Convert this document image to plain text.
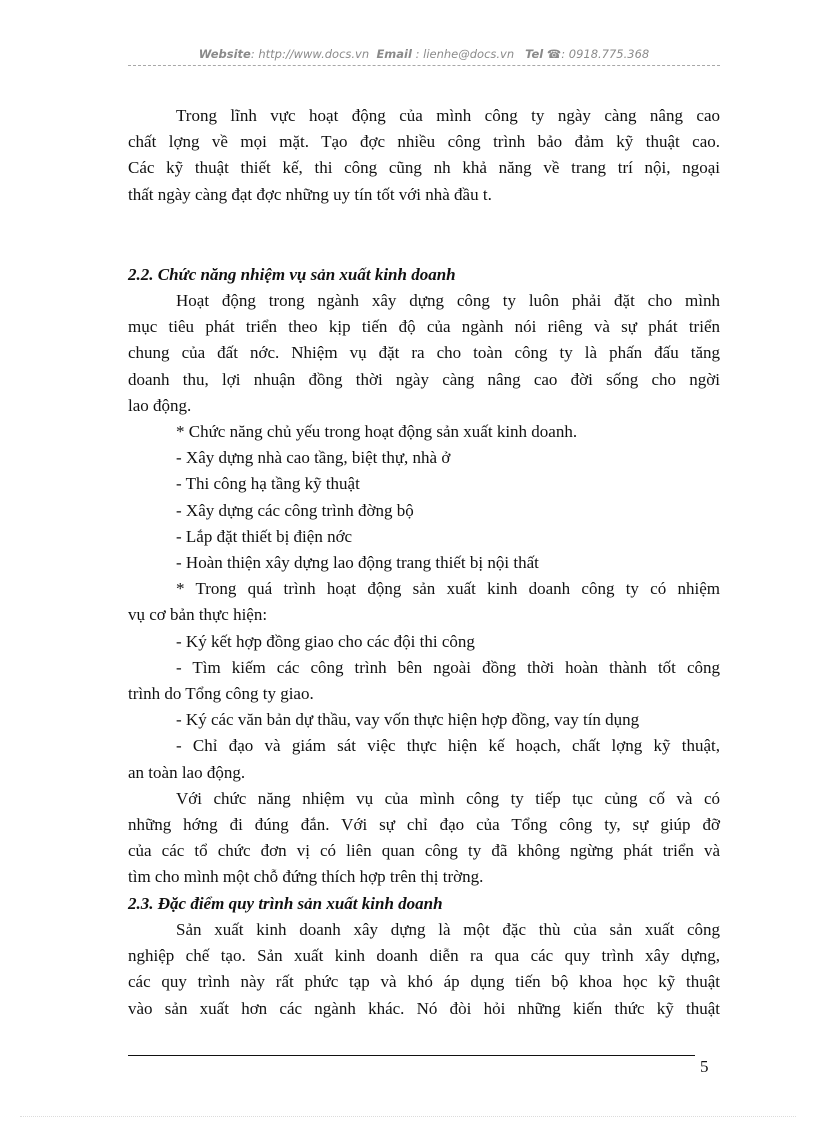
Website: http://www.docs.vn Email : lienhe@docs.vn Tel ☎: 0918.775.368
Trong lĩnh vực hoạt động của mình công ty ngày càng nâng cao
chất lợng về mọi mặt. Tạo đợc nhiều công trình bảo đảm kỹ thuật cao.
Các kỹ thuật thiết kế, thi công cũng nh khả năng về trang trí nội, ngoại
thất ngày càng đạt đợc những uy tín tốt với nhà đầu t.

2.2. Chức năng nhiệm vụ sản xuất kinh doanh

Hoạt động trong ngành xây dựng công ty luôn phải đặt cho mình
mục tiêu phát triển theo kịp tiến độ của ngành nói riêng và sự phát triển
chung của đất nớc. Nhiệm vụ đặt ra cho toàn công ty là phấn đấu tăng
doanh thu, lợi nhuận đồng thời ngày càng nâng cao đời sống cho ngời
lao động.

* Chức năng chủ yếu trong hoạt động sản xuất kinh doanh.

- Xây dựng nhà cao tầng, biệt thự, nhà ở

- Thi công hạ tầng kỹ thuật

- Xây dựng các công trình đờng bộ

- Lắp đặt thiết bị điện nớc

- Hoàn thiện xây dựng lao động trang thiết bị nội thất

* Trong quá trình hoạt động sản xuất kinh doanh công ty có nhiệm
vụ cơ bản thực hiện:

- Ký kết hợp đồng giao cho các đội thi công

- Tìm kiếm các công trình bên ngoài đồng thời hoàn thành tốt công
trình do Tổng công ty giao.

- Ký các văn bản dự thầu, vay vốn thực hiện hợp đồng, vay tín dụng

- Chỉ đạo và giám sát việc thực hiện kế hoạch, chất lợng kỹ thuật,
an toàn lao động.
Với chức năng nhiệm vụ của mình công ty tiếp tục củng cố và có
những hớng đi đúng đắn. Với sự chỉ đạo của Tổng công ty, sự giúp đỡ
của các tổ chức đơn vị có liên quan công ty đã không ngừng phát triển và
tìm cho mình một chỗ đứng thích hợp trên thị trờng.

2.3. Đặc điểm quy trình sản xuất kinh doanh

Sản xuất kinh doanh xây dựng là một đặc thù của sản xuất công
nghiệp chế tạo. Sản xuất kinh doanh diễn ra qua các quy trình xây dựng,
các quy trình này rất phức tạp và khó áp dụng tiến bộ khoa học kỹ thuật
vào sản xuất hơn các ngành khác. Nó đòi hỏi những kiến thức kỹ thuật
5
